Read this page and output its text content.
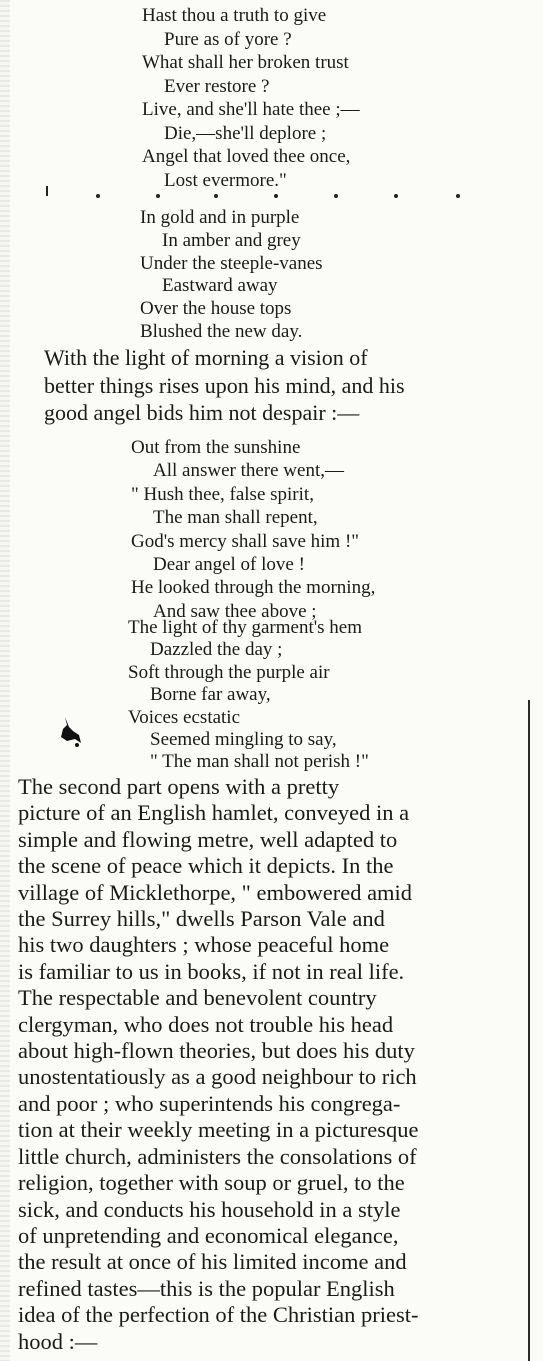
Hast thou a truth to give
Pure as of yore ?
What shall her broken trust
Ever restore ?
Live, and she'll hate thee ;—
Die,—she'll deplore ;
Angel that loved thee once,
Lost evermore."
In gold and in purple
In amber and grey
Under the steeple-vanes
Eastward away
Over the house tops
Blushed the new day.
With the light of morning a vision of
better things rises upon his mind, and his
good angel bids him not despair :—
Out from the sunshine
All answer there went,—
" Hush thee, false spirit,
The man shall repent,
God's mercy shall save him !"
Dear angel of love !
He looked through the morning,
And saw thee above ;
The light of thy garment's hem
Dazzled the day ;
Soft through the purple air
Borne far away,
Voices ecstatic
Seemed mingling to say,
" The man shall not perish !"
The second part opens with a pretty
picture of an English hamlet, conveyed in a
simple and flowing metre, well adapted to
the scene of peace which it depicts. In the
village of Micklethorpe, " embowered amid
the Surrey hills," dwells Parson Vale and
his two daughters ; whose peaceful home
is familiar to us in books, if not in real life.
The respectable and benevolent country
clergyman, who does not trouble his head
about high-flown theories, but does his duty
unostentatiously as a good neighbour to rich
and poor ; who superintends his congrega-
tion at their weekly meeting in a picturesque
little church, administers the consolations of
religion, together with soup or gruel, to the
sick, and conducts his household in a style
of unpretending and economical elegance,
the result at once of his limited income and
refined tastes—this is the popular English
idea of the perfection of the Christian priest-
hood :—
